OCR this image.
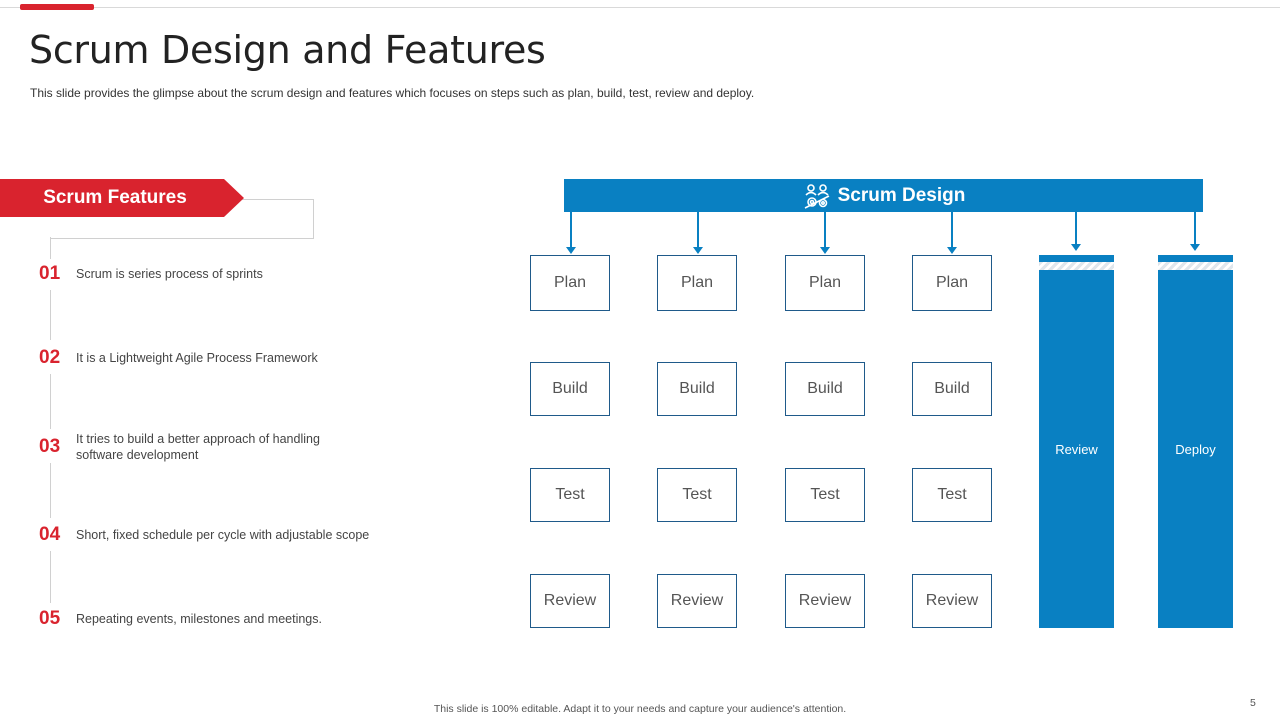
Scrum Design and Features
This slide provides the glimpse about the scrum design and features which focuses on steps such as plan, build, test, review and deploy.
Scrum Features
01 Scrum is series process of sprints
02 It is a Lightweight Agile Process Framework
03 It tries to build a better approach of handling software development
04 Short, fixed schedule per cycle with adjustable scope
05 Repeating events, milestones and meetings.
Scrum Design
Plan
Build
Test
Review
Plan
Build
Test
Review
Plan
Build
Test
Review
Plan
Build
Test
Review
Review	Deploy
This slide is 100% editable. Adapt it to your needs and capture your audience's attention.	5
